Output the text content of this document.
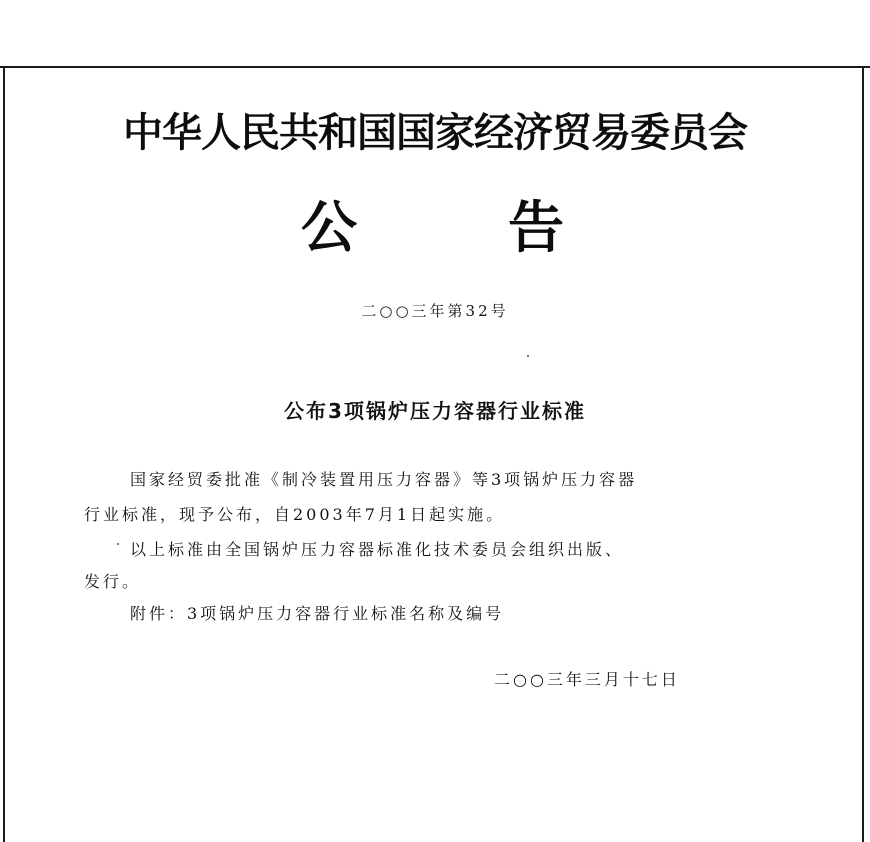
中华人民共和国国家经济贸易委员会
公	告
二○○三年第32号
公布3项锅炉压力容器行业标准
国家经贸委批准《制冷装置用压力容器》等3项锅炉压力容器
行业标准，现予公布，自2003年7月1日起实施。
以上标准由全国锅炉压力容器标准化技术委员会组织出版、
发行。
附件：3项锅炉压力容器行业标准名称及编号
二○○三年三月十七日
